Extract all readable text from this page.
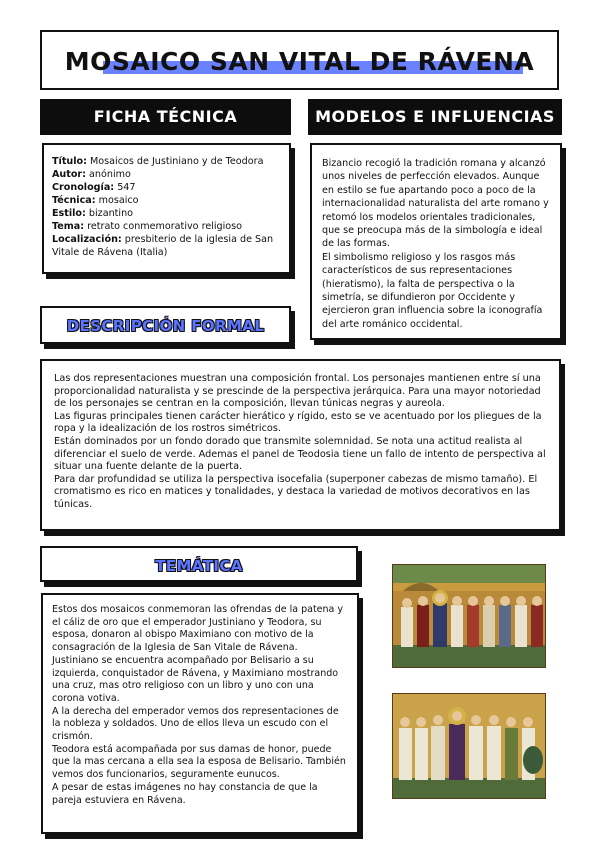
MOSAICO SAN VITAL DE RÁVENA
FICHA TÉCNICA	MODELOS E INFLUENCIAS
Título: Mosaicos de Justiniano y de Teodora
Autor: anónimo
Cronología: 547
Técnica: mosaico
Estilo: bizantino
Tema: retrato conmemorativo religioso
Localización: presbiterio de la iglesia de San Vitale de Rávena (Italia)

Bizancio recogió la tradición romana y alcanzó unos niveles de perfección elevados. Aunque en estilo se fue apartando poco a poco de la internacionalidad naturalista del arte romano y retomó los modelos orientales tradicionales, que se preocupa más de la simbología e ideal de las formas.

El simbolismo religioso y los rasgos más característicos de sus representaciones (hieratismo), la falta de perspectiva o la simetría, se difundieron por Occidente y ejercieron gran influencia sobre la iconografía del arte románico occidental.

DESCRIPCIÓN FORMAL

Las dos representaciones muestran una composición frontal. Los personajes mantienen entre sí una proporcionalidad naturalista y se prescinde de la perspectiva jerárquica. Para una mayor notoriedad de los personajes se centran en la composición, llevan túnicas negras y aureola.

Las figuras principales tienen carácter hierático y rígido, esto se ve acentuado por los pliegues de la ropa y la idealización de los rostros simétricos.

Están dominados por un fondo dorado que transmite solemnidad. Se nota una actitud realista al diferenciar el suelo de verde. Ademas el panel de Teodosia tiene un fallo de intento de perspectiva al situar una fuente delante de la puerta.

Para dar profundidad se utiliza la perspectiva isocefalia (superponer cabezas de mismo tamaño). El cromatismo es rico en matices y tonalidades, y destaca la variedad de motivos decorativos en las túnicas.

TEMÁTICA

Estos dos mosaicos conmemoran las ofrendas de la patena y el cáliz de oro que el emperador Justiniano y Teodora, su esposa, donaron al obispo Maximiano con motivo de la consagración de la Iglesia de San Vitale de Rávena.

Justiniano se encuentra acompañado por Belisario a su izquierda, conquistador de Rávena, y Maximiano mostrando una cruz, mas otro religioso con un libro y uno con una corona votiva.

A la derecha del emperador vemos dos representaciones de la nobleza y soldados. Uno de ellos lleva un escudo con el crismón.

Teodora está acompañada por sus damas de honor, puede que la mas cercana a ella sea la esposa de Belisario. También vemos dos funcionarios, seguramente eunucos.

A pesar de estas imágenes no hay constancia de que la pareja estuviera en Rávena.
